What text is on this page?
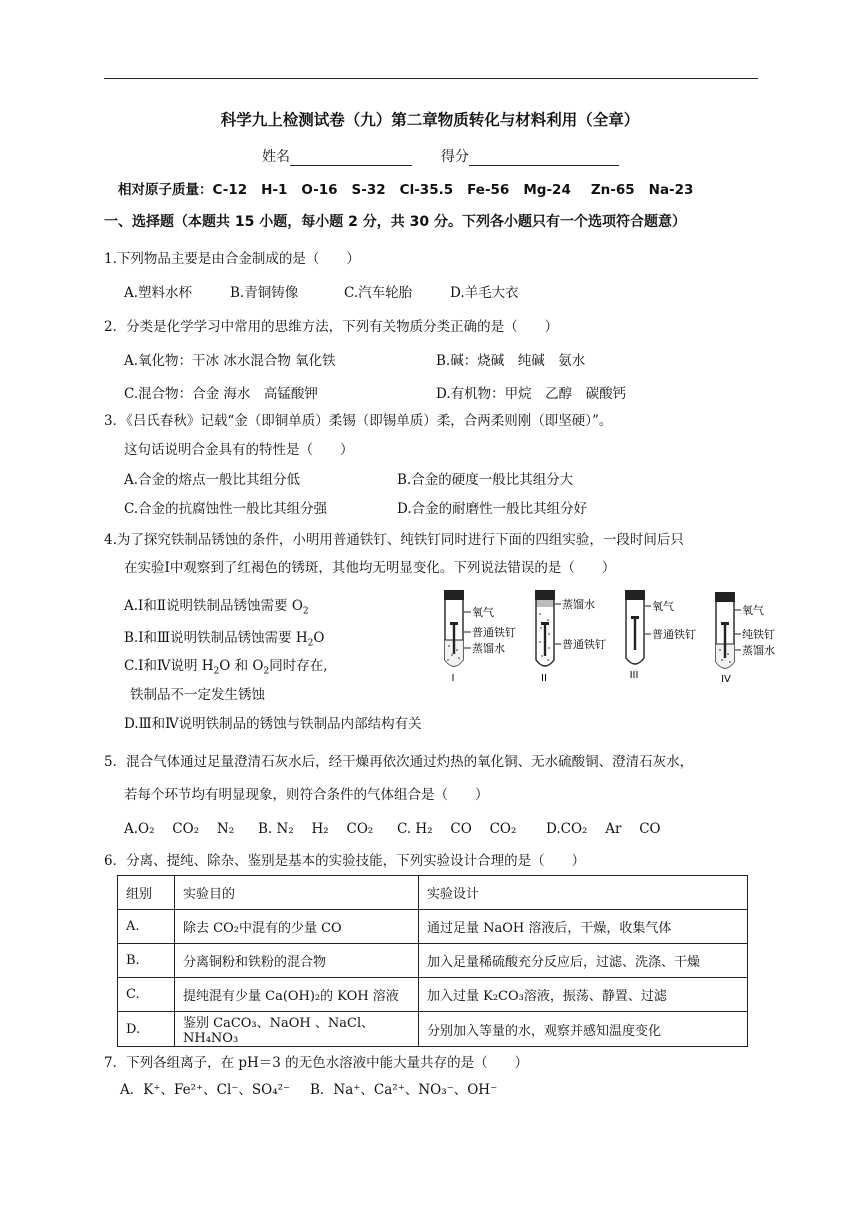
科学九上检测试卷（九）第二章物质转化与材料利用（全章）
姓名	得分
相对原子质量：C-12 H-1 O-16 S-32 Cl-35.5 Fe-56 Mg-24 Zn-65 Na-23
一、选择题（本题共 15 小题，每小题 2 分，共 30 分。下列各小题只有一个选项符合题意）
1.下列物品主要是由合金制成的是（　　）
A.塑料水杯	B.青铜铸像	C.汽车轮胎	D.羊毛大衣
2．分类是化学学习中常用的思维方法，下列有关物质分类正确的是（　　）
A.氧化物：干冰 冰水混合物 氧化铁	B.碱：烧碱　纯碱　氨水
C.混合物：合金 海水　高锰酸钾	D.有机物：甲烷　乙醇　碳酸钙
3．《吕氏春秋》记载“金（即铜单质）柔锡（即锡单质）柔，合两柔则刚（即坚硬）”。
这句话说明合金具有的特性是（　　）
A.合金的熔点一般比其组分低	B.合金的硬度一般比其组分大
C.合金的抗腐蚀性一般比其组分强	D.合金的耐磨性一般比其组分好
4.为了探究铁制品锈蚀的条件，小明用普通铁钉、纯铁钉同时进行下面的四组实验，一段时间后只
在实验Ⅰ中观察到了红褐色的锈斑，其他均无明显变化。下列说法错误的是（　　）
A.Ⅰ和Ⅱ说明铁制品锈蚀需要 $O_2$
B.Ⅰ和Ⅲ说明铁制品锈蚀需要 $H_2O$
C.Ⅰ和Ⅳ说明 $H_2O$ 和 $O_2$同时存在,
铁制品不一定发生锈蚀
D.Ⅲ和Ⅳ说明铁制品的锈蚀与铁制品内部结构有关
I
氧气
普通铁钉
蒸馏水
II
蒸馏水
普通铁钉
III
氧气
普通铁钉
IV
氧气
纯铁钉
蒸馏水
5．混合气体通过足量澄清石灰水后，经干燥再依次通过灼热的氧化铜、无水硫酸铜、澄清石灰水，
若每个环节均有明显现象，则符合条件的气体组合是（　　）
A.O₂　 CO₂　 N₂ B. N₂　 H₂　 CO₂ C. H₂　 CO　 CO₂ D.CO₂　 Ar　 CO
6．分离、提纯、除杂、鉴别是基本的实验技能，下列实验设计合理的是（　　）
组别	实验目的	实验设计
A.	除去 CO₂中混有的少量 CO	通过足量 NaOH 溶液后，干燥，收集气体
B.	分离铜粉和铁粉的混合物	加入足量稀硫酸充分反应后，过滤、洗涤、干燥
C.	提纯混有少量 Ca(OH)₂的 KOH 溶液	加入过量 K₂CO₃溶液，振荡、静置、过滤
D.	鉴别 CaCO₃、NaOH 、NaCl、NH₄NO₃	分别加入等量的水，观察并感知温度变化
7．下列各组离子，在 pH＝3 的无色水溶液中能大量共存的是（　　）
A．K⁺、Fe²⁺、Cl⁻、SO₄²⁻ B．Na⁺、Ca²⁺、NO₃⁻、OH⁻
